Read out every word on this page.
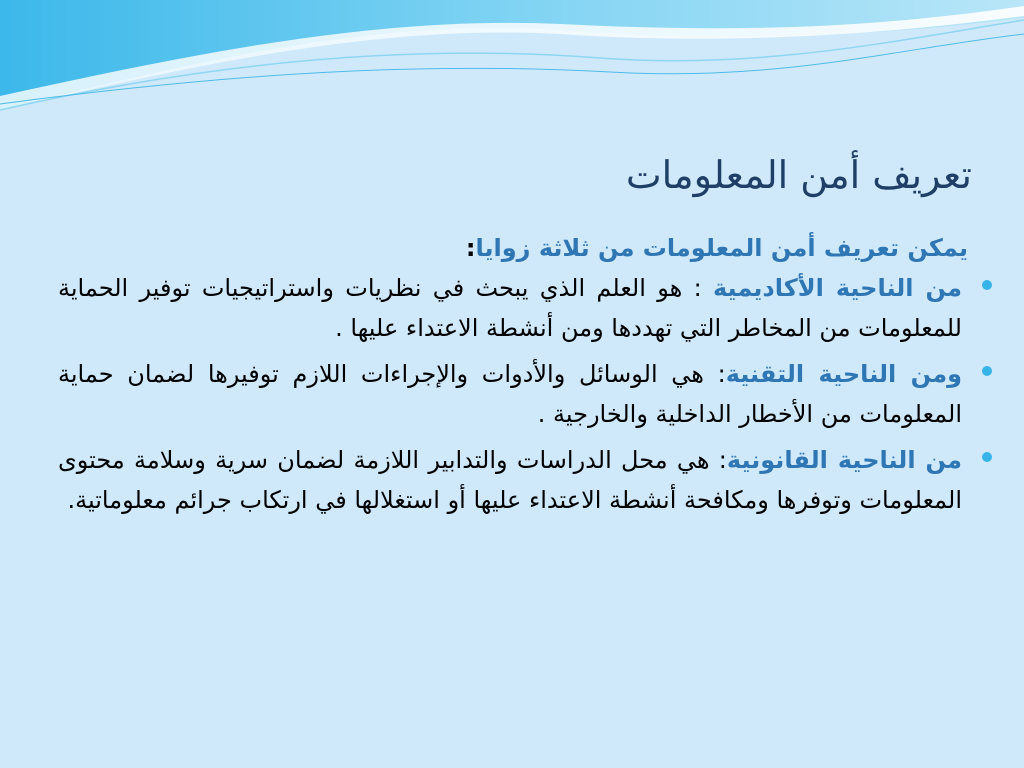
تعريف أمن المعلومات
يمكن تعريف أمن المعلومات من ثلاثة زوايا:
من الناحية الأكاديمية : هو العلم الذي يبحث في نظريات واستراتيجيات توفير الحماية للمعلومات من المخاطر التي تهددها ومن أنشطة الاعتداء عليها .
ومن الناحية التقنية: هي الوسائل والأدوات والإجراءات اللازم توفيرها لضمان حماية المعلومات من الأخطار الداخلية والخارجية .
من الناحية القانونية: هي محل الدراسات والتدابير اللازمة لضمان سرية وسلامة محتوى المعلومات وتوفرها ومكافحة أنشطة الاعتداء عليها أو استغلالها في ارتكاب جرائم معلوماتية.
